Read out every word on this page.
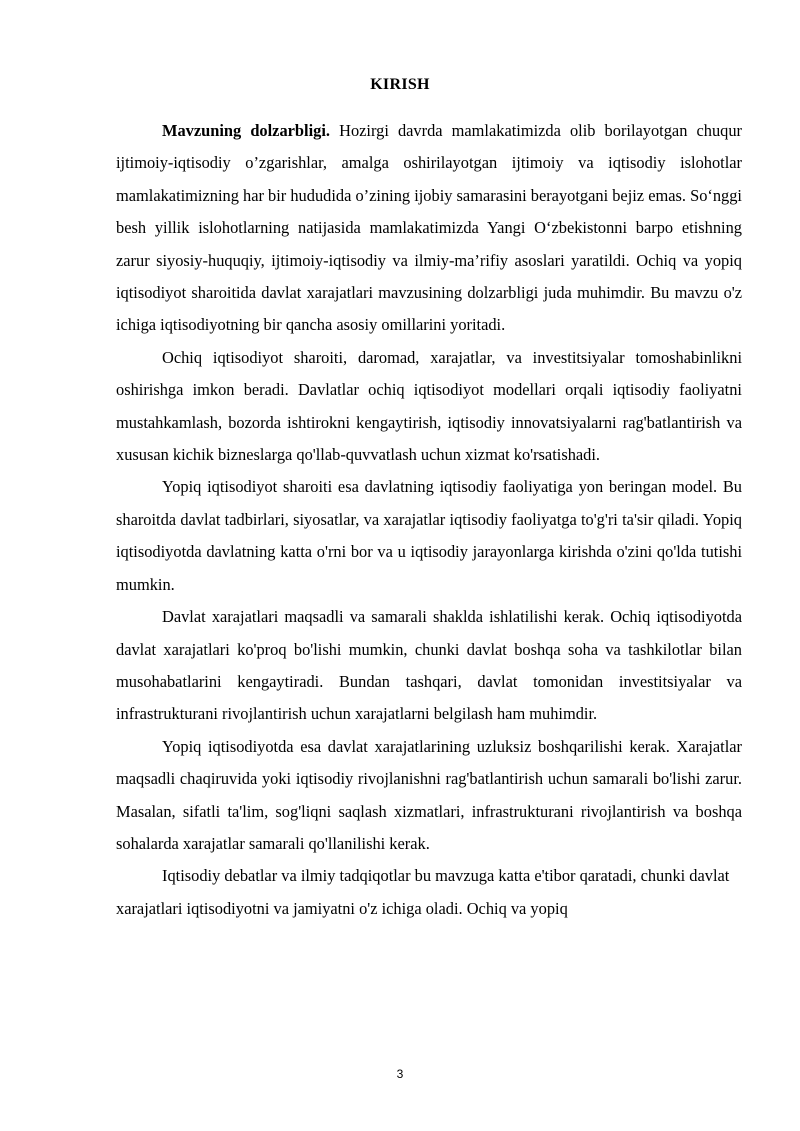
KIRISH

Mavzuning dolzarbligi. Hozirgi davrda mamlakatimizda olib borilayotgan chuqur ijtimoiy-iqtisodiy o’zgarishlar, amalga oshirilayotgan ijtimoiy va iqtisodiy islohotlar mamlakatimizning har bir hududida o’zining ijobiy samarasini berayotgani bejiz emas. So‘nggi besh yillik islohotlarning natijasida mamlakatimizda Yangi O‘zbekistonni barpo etishning zarur siyosiy-huquqiy, ijtimoiy-iqtisodiy va ilmiy-ma’rifiy asoslari yaratildi. Ochiq va yopiq iqtisodiyot sharoitida davlat xarajatlari mavzusining dolzarbligi juda muhimdir. Bu mavzu o'z ichiga iqtisodiyotning bir qancha asosiy omillarini yoritadi.

Ochiq iqtisodiyot sharoiti, daromad, xarajatlar, va investitsiyalar tomoshabinlikni oshirishga imkon beradi. Davlatlar ochiq iqtisodiyot modellari orqali iqtisodiy faoliyatni mustahkamlash, bozorda ishtirokni kengaytirish, iqtisodiy innovatsiyalarni rag'batlantirish va xususan kichik bizneslarga qo'llab-quvvatlash uchun xizmat ko'rsatishadi.

Yopiq iqtisodiyot sharoiti esa davlatning iqtisodiy faoliyatiga yon beringan model. Bu sharoitda davlat tadbirlari, siyosatlar, va xarajatlar iqtisodiy faoliyatga to'g'ri ta'sir qiladi. Yopiq iqtisodiyotda davlatning katta o'rni bor va u iqtisodiy jarayonlarga kirishda o'zini qo'lda tutishi mumkin.

Davlat xarajatlari maqsadli va samarali shaklda ishlatilishi kerak. Ochiq iqtisodiyotda davlat xarajatlari ko'proq bo'lishi mumkin, chunki davlat boshqa soha va tashkilotlar bilan musohabatlarini kengaytiradi. Bundan tashqari, davlat tomonidan investitsiyalar va infrastrukturani rivojlantirish uchun xarajatlarni belgilash ham muhimdir.

Yopiq iqtisodiyotda esa davlat xarajatlarining uzluksiz boshqarilishi kerak. Xarajatlar maqsadli chaqiruvida yoki iqtisodiy rivojlanishni rag'batlantirish uchun samarali bo'lishi zarur. Masalan, sifatli ta'lim, sog'liqni saqlash xizmatlari, infrastrukturani rivojlantirish va boshqa sohalarda xarajatlar samarali qo'llanilishi kerak.

Iqtisodiy debatlar va ilmiy tadqiqotlar bu mavzuga katta e'tibor qaratadi, chunki davlat xarajatlari iqtisodiyotni va jamiyatni o'z ichiga oladi. Ochiq va yopiq

3
